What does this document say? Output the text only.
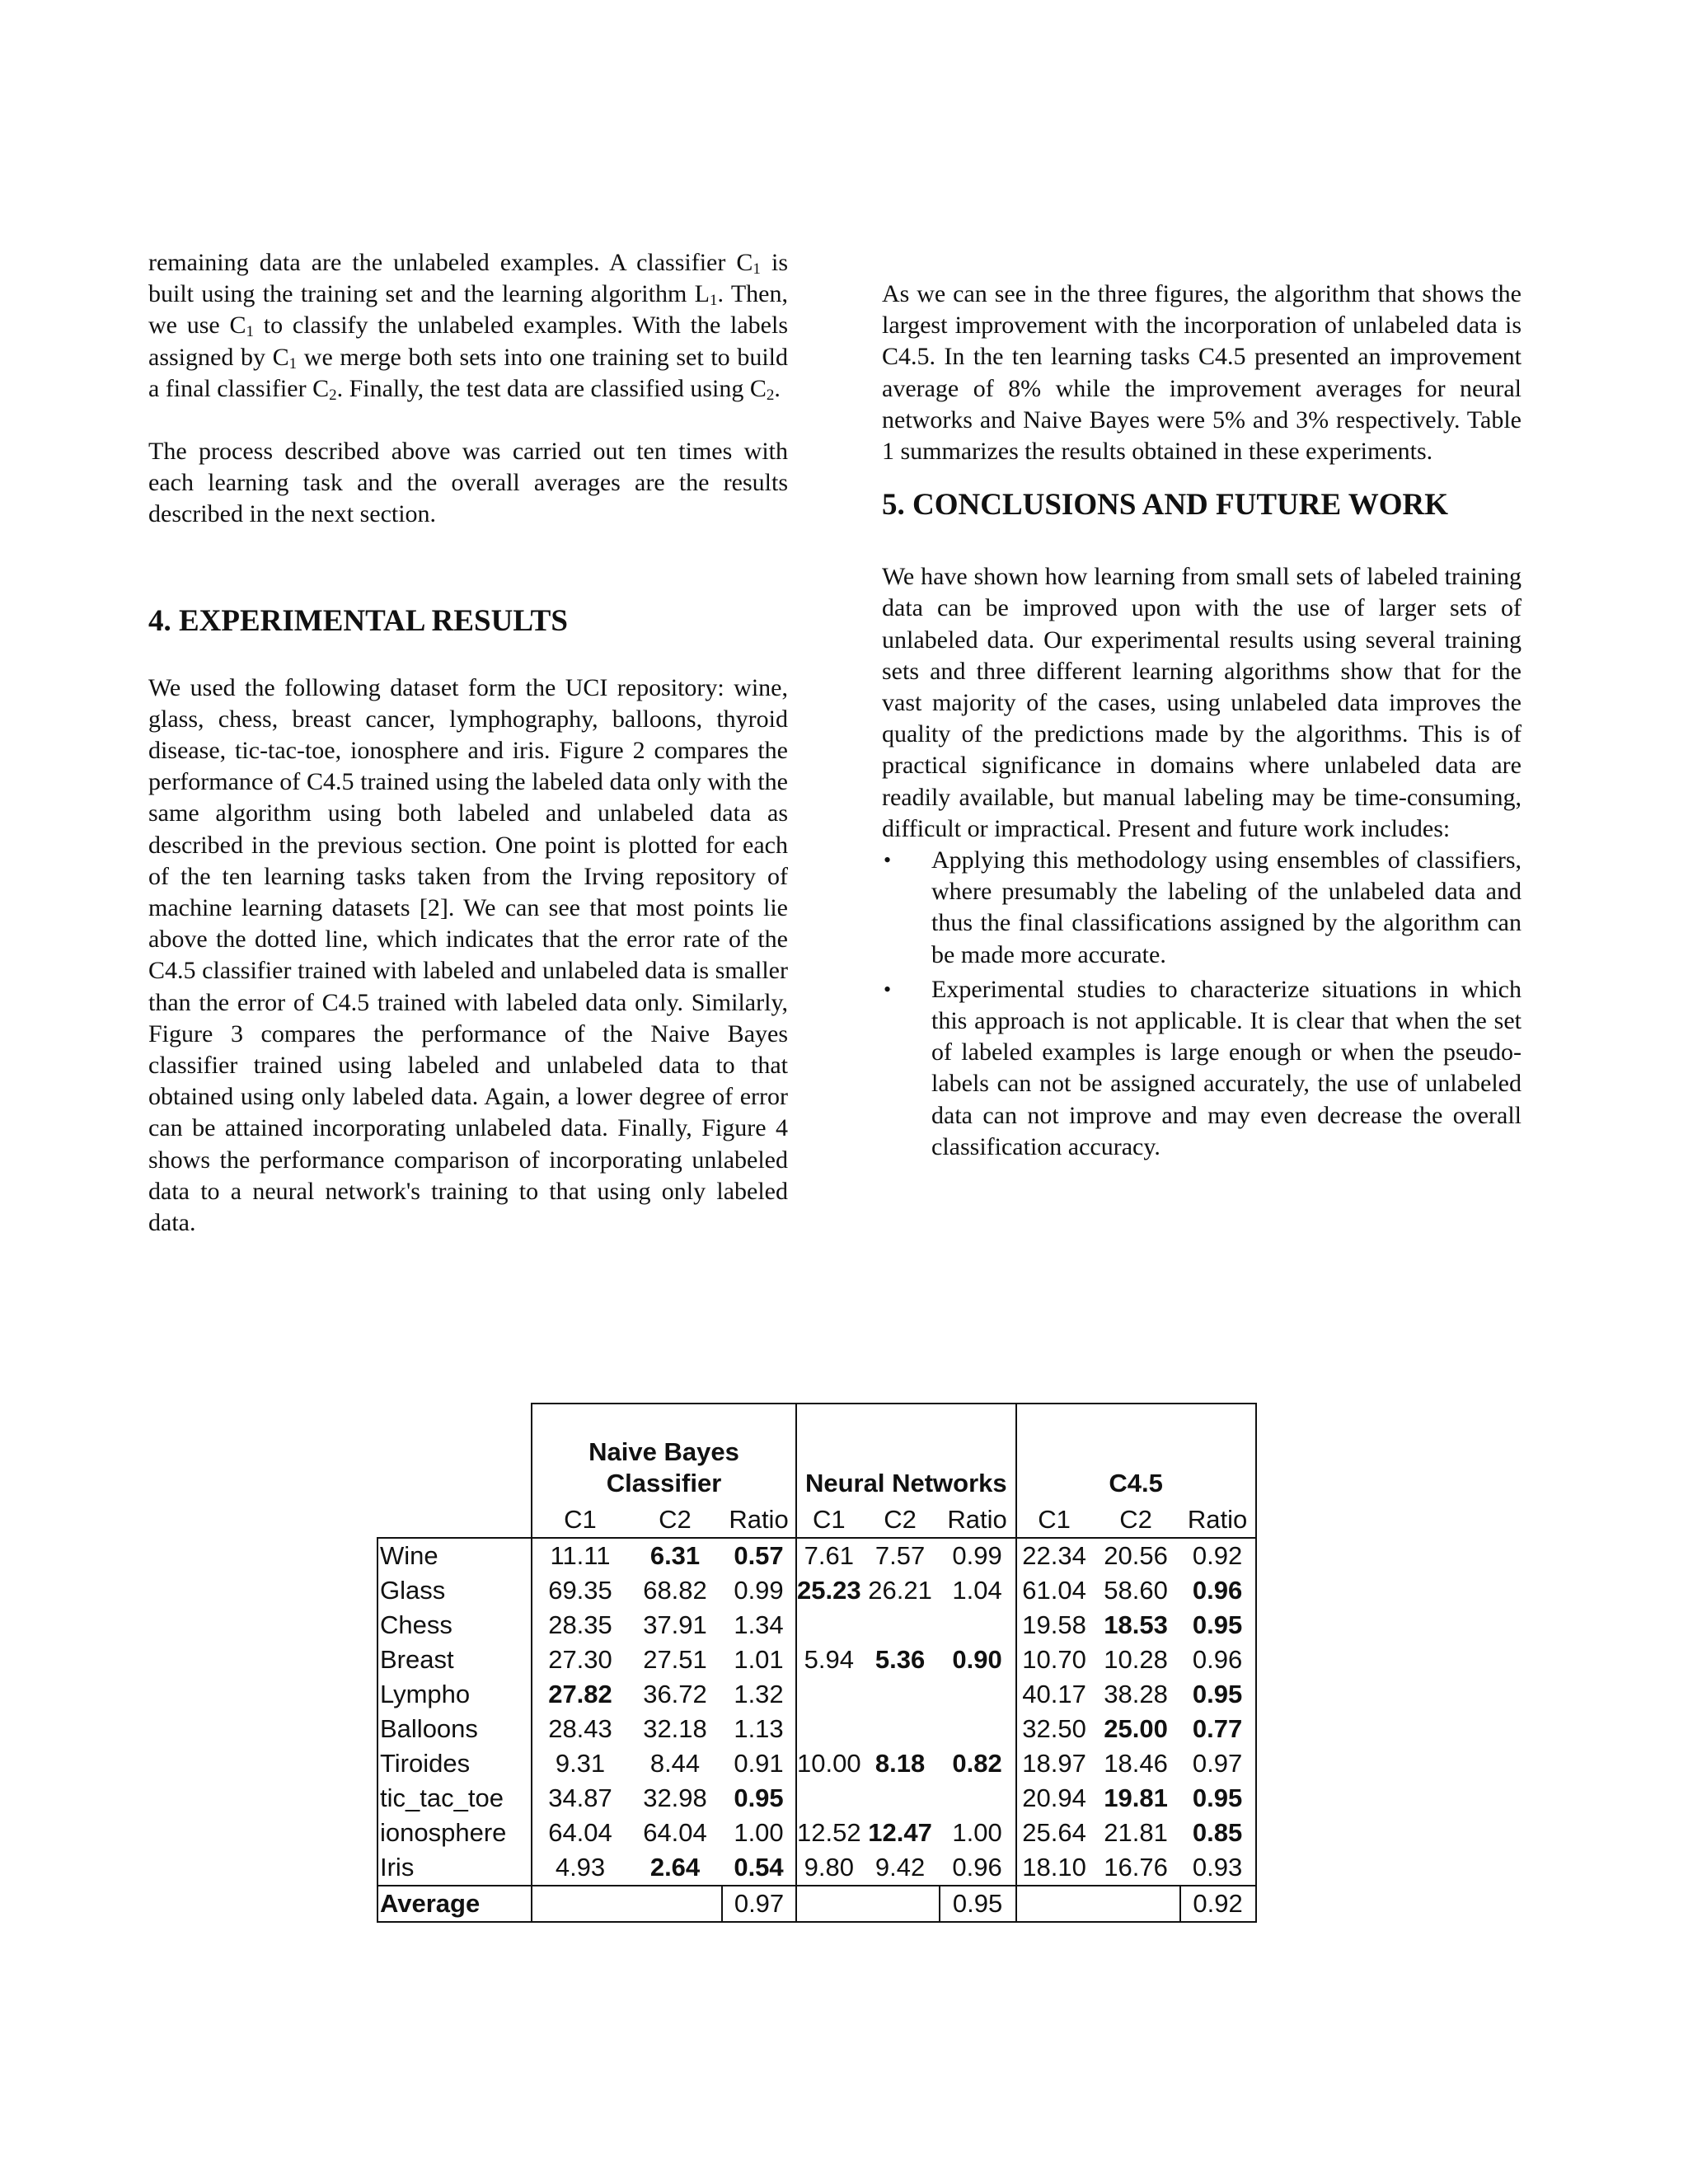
remaining data are the unlabeled examples. A classifier $C_1$ is built using the training set and the learning algorithm $L_1$. Then, we use $C_1$ to classify the unlabeled examples. With the labels assigned by $C_1$ we merge both sets into one training set to build a final classifier $C_2$. Finally, the test data are classified using $C_2$.

The process described above was carried out ten times with each learning task and the overall averages are the results described in the next section.

4. EXPERIMENTAL RESULTS

We used the following dataset form the UCI repository: wine, glass, chess, breast cancer, lymphography, balloons, thyroid disease, tic-tac-toe, ionosphere and iris. Figure 2 compares the performance of C4.5 trained using the labeled data only with the same algorithm using both labeled and unlabeled data as described in the previous section. One point is plotted for each of the ten learning tasks taken from the Irving repository of machine learning datasets [2]. We can see that most points lie above the dotted line, which indicates that the error rate of the C4.5 classifier trained with labeled and unlabeled data is smaller than the error of C4.5 trained with labeled data only. Similarly, Figure 3 compares the performance of the Naive Bayes classifier trained using labeled and unlabeled data to that obtained using only labeled data. Again, a lower degree of error can be attained incorporating unlabeled data. Finally, Figure 4 shows the performance comparison of incorporating unlabeled data to a neural network's training to that using only labeled data.

As we can see in the three figures, the algorithm that shows the largest improvement with the incorporation of unlabeled data is C4.5. In the ten learning tasks C4.5 presented an improvement average of 8% while the improvement averages for neural networks and Naive Bayes were 5% and 3% respectively. Table 1 summarizes the results obtained in these experiments.

5. CONCLUSIONS AND FUTURE WORK

We have shown how learning from small sets of labeled training data can be improved upon with the use of larger sets of unlabeled data. Our experimental results using several training sets and three different learning algorithms show that for the vast majority of the cases, using unlabeled data improves the quality of the predictions made by the algorithms. This is of practical significance in domains where unlabeled data are readily available, but manual labeling may be time-consuming, difficult or impractical. Present and future work includes:

• Applying this methodology using ensembles of classifiers, where presumably the labeling of the unlabeled data and thus the final classifications assigned by the algorithm can be made more accurate.
• Experimental studies to characterize situations in which this approach is not applicable. It is clear that when the set of labeled examples is large enough or when the pseudo-labels can not be assigned accurately, the use of unlabeled data can not improve and may even decrease the overall classification accuracy.
	Naive Bayes
Classifier			Neural Networks			C4.5		
	C1	C2	Ratio	C1	C2	Ratio	C1	C2	Ratio
Wine	11.11	6.31	0.57	7.61	7.57	0.99	22.34	20.56	0.92
Glass	69.35	68.82	0.99	25.23	26.21	1.04	61.04	58.60	0.96
Chess	28.35	37.91	1.34				19.58	18.53	0.95
Breast	27.30	27.51	1.01	5.94	5.36	0.90	10.70	10.28	0.96
Lympho	27.82	36.72	1.32				40.17	38.28	0.95
Balloons	28.43	32.18	1.13				32.50	25.00	0.77
Tiroides	9.31	8.44	0.91	10.00	8.18	0.82	18.97	18.46	0.97
tic_tac_toe	34.87	32.98	0.95				20.94	19.81	0.95
ionosphere	64.04	64.04	1.00	12.52	12.47	1.00	25.64	21.81	0.85
Iris	4.93	2.64	0.54	9.80	9.42	0.96	18.10	16.76	0.93
Average			0.97			0.95			0.92
